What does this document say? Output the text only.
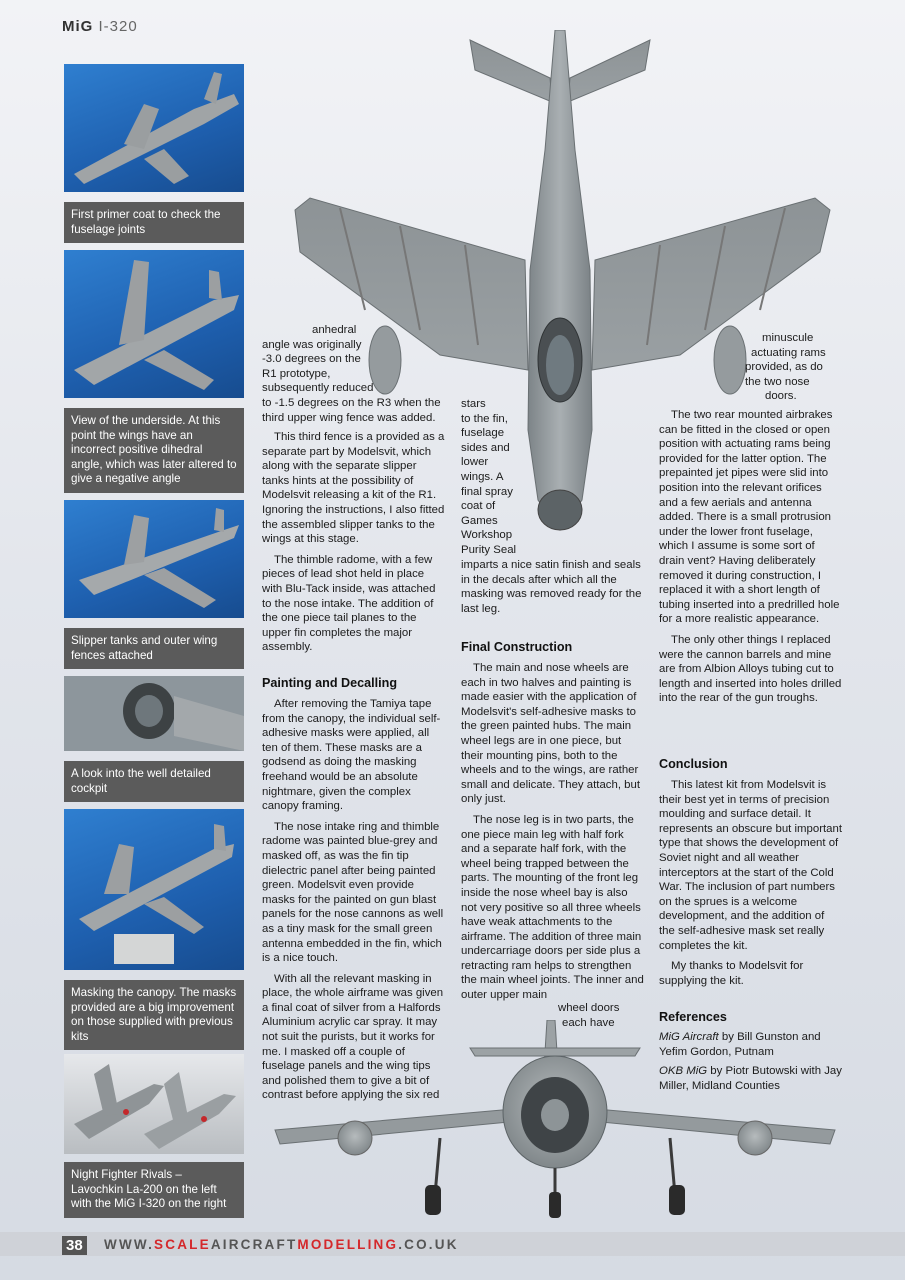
MiG I-320
First primer coat to check the fuselage joints
View of the underside. At this point the wings have an incorrect positive dihedral angle, which was later altered to give a negative angle
Slipper tanks and outer wing fences attached
A look into the well detailed cockpit
Masking the canopy. The masks provided are a big improvement on those supplied with previous kits
Night Fighter Rivals – Lavochkin La-200 on the left with the MiG I-320 on the right
anhedral
angle was originally
-3.0 degrees on the
R1 prototype,
subsequently reduced
to -1.5 degrees on the R3 when the
third upper wing fence was added.

This third fence is a provided as a separate part by Modelsvit, which along with the separate slipper tanks hints at the possibility of Modelsvit releasing a kit of the R1. Ignoring the instructions, I also fitted the assembled slipper tanks to the wings at this stage.

The thimble radome, with a few pieces of lead shot held in place with Blu-Tack inside, was attached to the nose intake. The addition of the one piece tail planes to the upper fin completes the major assembly.

Painting and Decalling

After removing the Tamiya tape from the canopy, the individual self-adhesive masks were applied, all ten of them. These masks are a godsend as doing the masking freehand would be an absolute nightmare, given the complex canopy framing.

The nose intake ring and thimble radome was painted blue-grey and masked off, as was the fin tip dielectric panel after being painted green. Modelsvit even provide masks for the painted on gun blast panels for the nose cannons as well as a tiny mask for the small green antenna embedded in the fin, which is a nice touch.

With all the relevant masking in place, the whole airframe was given a final coat of silver from a Halfords Aluminium acrylic car spray. It may not suit the purists, but it works for me. I masked off a couple of fuselage panels and the wing tips and polished them to give a bit of contrast before applying the six red

stars
to the fin,
fuselage
sides and
lower
wings. A
final spray
coat of
Games
Workshop
Purity Seal

imparts a nice satin finish and seals in the decals after which all the masking was removed ready for the last leg.

Final Construction

The main and nose wheels are each in two halves and painting is made easier with the application of Modelsvit's self-adhesive masks to the green painted hubs. The main wheel legs are in one piece, but their mounting pins, both to the wheels and to the wings, are rather small and delicate. They attach, but only just.

The nose leg is in two parts, the one piece main leg with half fork and a separate half fork, with the wheel being trapped between the parts. The mounting of the front leg inside the nose wheel bay is also not very positive so all three wheels have weak attachments to the airframe. The addition of three main undercarriage doors per side plus a retracting ram helps to strengthen the main wheel joints. The inner and outer upper main

wheel doors
each have
minuscule
actuating rams
provided, as do
the two nose
doors.

The two rear mounted airbrakes can be fitted in the closed or open position with actuating rams being provided for the latter option. The prepainted jet pipes were slid into position into the relevant orifices and a few aerials and antenna added. There is a small protrusion under the lower front fuselage, which I assume is some sort of drain vent? Having deliberately removed it during construction, I replaced it with a short length of tubing inserted into a predrilled hole for a more realistic appearance.

The only other things I replaced were the cannon barrels and mine are from Albion Alloys tubing cut to length and inserted into holes drilled into the rear of the gun troughs.

Conclusion

This latest kit from Modelsvit is their best yet in terms of precision moulding and surface detail. It represents an obscure but important type that shows the development of Soviet night and all weather interceptors at the start of the Cold War. The inclusion of part numbers on the sprues is a welcome development, and the addition of the self-adhesive mask set really completes the kit.

My thanks to Modelsvit for supplying the kit.

References
MiG Aircraft by Bill Gunston and Yefim Gordon, Putnam
OKB MiG by Piotr Butowski with Jay Miller, Midland Counties
38 WWW.SCALEAIRCRAFTMODELLING.CO.UK
